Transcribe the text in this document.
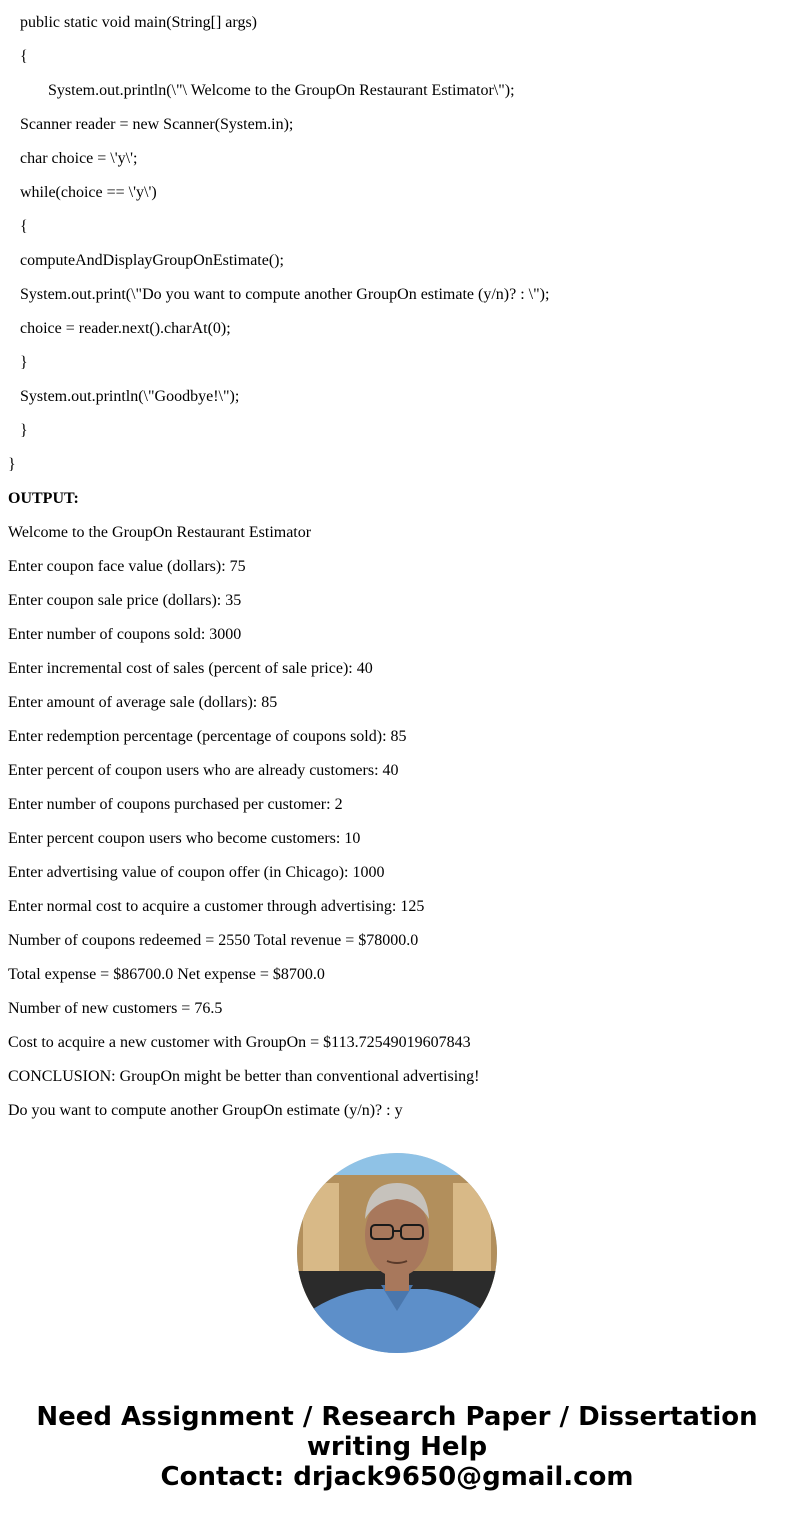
public static void main(String[] args)
{
System.out.println(\"\ Welcome to the GroupOn Restaurant Estimator\");
Scanner reader = new Scanner(System.in);
char choice = \'y\';
while(choice == \'y\')
{
computeAndDisplayGroupOnEstimate();
System.out.print(\"Do you want to compute another GroupOn estimate (y/n)? : \");
choice = reader.next().charAt(0);
}
System.out.println(\"Goodbye!\");
}
}
OUTPUT:
Welcome to the GroupOn Restaurant Estimator
Enter coupon face value (dollars): 75
Enter coupon sale price (dollars): 35
Enter number of coupons sold: 3000
Enter incremental cost of sales (percent of sale price): 40
Enter amount of average sale (dollars): 85
Enter redemption percentage (percentage of coupons sold): 85
Enter percent of coupon users who are already customers: 40
Enter number of coupons purchased per customer: 2
Enter percent coupon users who become customers: 10
Enter advertising value of coupon offer (in Chicago): 1000
Enter normal cost to acquire a customer through advertising: 125
Number of coupons redeemed = 2550 Total revenue = $78000.0
Total expense = $86700.0 Net expense = $8700.0
Number of new customers = 76.5
Cost to acquire a new customer with GroupOn = $113.72549019607843
CONCLUSION: GroupOn might be better than conventional advertising!
Do you want to compute another GroupOn estimate (y/n)? : y
Need Assignment / Research Paper / Dissertation
writing Help
Contact: drjack9650@gmail.com
